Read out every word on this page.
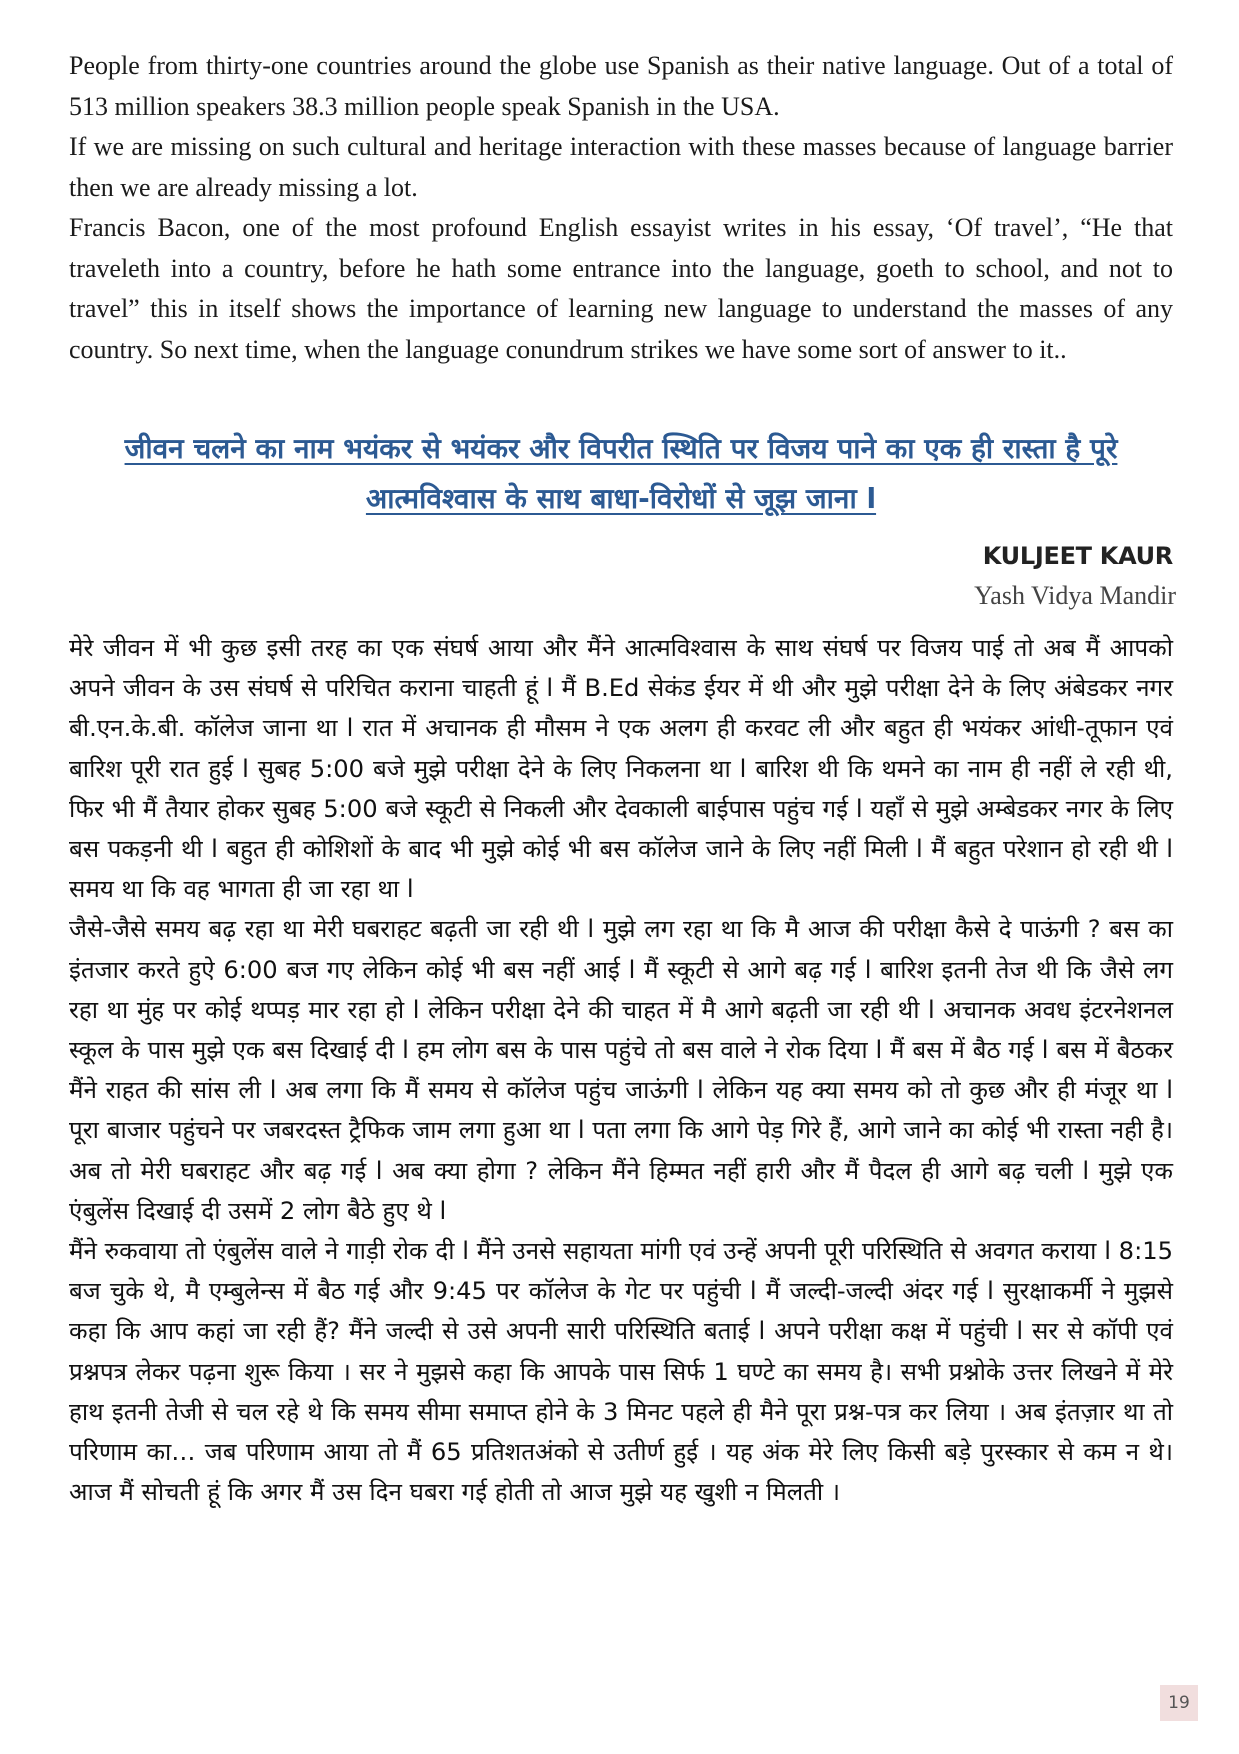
People from thirty-one countries around the globe use Spanish as their native language. Out of a total of 513 million speakers 38.3 million people speak Spanish in the USA.

If we are missing on such cultural and heritage interaction with these masses because of language barrier then we are already missing a lot.

Francis Bacon, one of the most profound English essayist writes in his essay, ‘Of travel’, “He that traveleth into a country, before he hath some entrance into the language, goeth to school, and not to travel” this in itself shows the importance of learning new language to understand the masses of any country. So next time, when the language conundrum strikes we have some sort of answer to it..

जीवन चलने का नाम भयंकर से भयंकर और विपरीत स्थिति पर विजय पाने का एक ही रास्ता है पूरे आत्मविश्वास के साथ बाधा-विरोधों से जूझ जाना l
KULJEET KAUR
Yash Vidya Mandir

मेरे जीवन में भी कुछ इसी तरह का एक संघर्ष आया और मैंने आत्मविश्वास के साथ संघर्ष पर विजय पाई तो अब मैं आपको अपने जीवन के उस संघर्ष से परिचित कराना चाहती हूं l मैं B.Ed सेकंड ईयर में थी और मुझे परीक्षा देने के लिए अंबेडकर नगर बी.एन.के.बी. कॉलेज जाना था l रात में अचानक ही मौसम ने एक अलग ही करवट ली और बहुत ही भयंकर आंधी-तूफान एवं बारिश पूरी रात हुई l सुबह 5:00 बजे मुझे परीक्षा देने के लिए निकलना था l बारिश थी कि थमने का नाम ही नहीं ले रही थी, फिर भी मैं तैयार होकर सुबह 5:00 बजे स्कूटी से निकली और देवकाली बाईपास पहुंच गई l यहाँ से मुझे अम्बेडकर नगर के लिए बस पकड़नी थी l बहुत ही कोशिशों के बाद भी मुझे कोई भी बस कॉलेज जाने के लिए नहीं मिली l मैं बहुत परेशान हो रही थी l समय था कि वह भागता ही जा रहा था l

जैसे-जैसे समय बढ़ रहा था मेरी घबराहट बढ़ती जा रही थी l मुझे लग रहा था कि मै आज की परीक्षा कैसे दे पाऊंगी ? बस का इंतजार करते हुऐ 6:00 बज गए लेकिन कोई भी बस नहीं आई l मैं स्कूटी से आगे बढ़ गई l बारिश इतनी तेज थी कि जैसे लग रहा था मुंह पर कोई थप्पड़ मार रहा हो l लेकिन परीक्षा देने की चाहत में मै आगे बढ़ती जा रही थी l अचानक अवध इंटरनेशनल स्कूल के पास मुझे एक बस दिखाई दी l हम लोग बस के पास पहुंचे तो बस वाले ने रोक दिया l मैं बस में बैठ गई l बस में बैठकर मैंने राहत की सांस ली l अब लगा कि मैं समय से कॉलेज पहुंच जाऊंगी l लेकिन यह क्या समय को तो कुछ और ही मंजूर था l पूरा बाजार पहुंचने पर जबरदस्त ट्रैफिक जाम लगा हुआ था l पता लगा कि आगे पेड़ गिरे हैं, आगे जाने का कोई भी रास्ता नही है। अब तो मेरी घबराहट और बढ़ गई l अब क्या होगा ? लेकिन मैंने हिम्मत नहीं हारी और मैं पैदल ही आगे बढ़ चली l मुझे एक एंबुलेंस दिखाई दी उसमें 2 लोग बैठे हुए थे l

मैंने रुकवाया तो एंबुलेंस वाले ने गाड़ी रोक दी l मैंने उनसे सहायता मांगी एवं उन्हें अपनी पूरी परिस्थिति से अवगत कराया l 8:15 बज चुके थे, मै एम्बुलेन्स में बैठ गई और 9:45 पर कॉलेज के गेट पर पहुंची l मैं जल्दी-जल्दी अंदर गई l सुरक्षाकर्मी ने मुझसे कहा कि आप कहां जा रही हैं? मैंने जल्दी से उसे अपनी सारी परिस्थिति बताई l अपने परीक्षा कक्ष में पहुंची l सर से कॉपी एवं प्रश्नपत्र लेकर पढ़ना शुरू किया । सर ने मुझसे कहा कि आपके पास सिर्फ 1 घण्टे का समय है। सभी प्रश्नोके उत्तर लिखने में मेरे हाथ इतनी तेजी से चल रहे थे कि समय सीमा समाप्त होने के 3 मिनट पहले ही मैने पूरा प्रश्न-पत्र कर लिया । अब इंतज़ार था तो परिणाम का… जब परिणाम आया तो मैं 65 प्रतिशतअंको से उतीर्ण हुई । यह अंक मेरे लिए किसी बड़े पुरस्कार से कम न थे। आज मैं सोचती हूं कि अगर मैं उस दिन घबरा गई होती तो आज मुझे यह खुशी न मिलती ।

19
